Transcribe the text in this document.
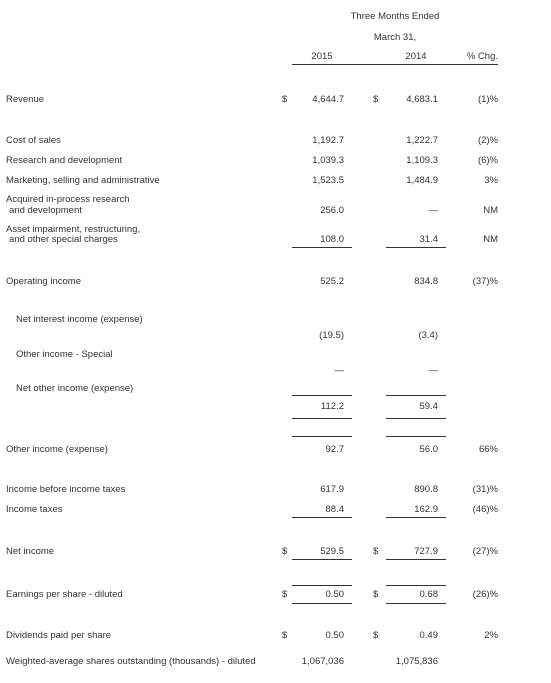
Three Months Ended
March 31,
2015	2014	% Chg.
Revenue	$	4,644.7	$	4,683.1	(1)%
Cost of sales	1,192.7	1,222.7	(2)%
Research and development	1,039.3	1,109.3	(6)%
Marketing, selling and administrative	1,523.5	1,484.9	3%
Acquired in-process research
and development	256.0	—	NM
Asset impairment, restructuring,
and other special charges	108.0	31.4	NM
Operating income	525.2	834.8	(37)%
Net interest income (expense)
(19.5)	(3.4)
Other income - Special
—	—
Net other income (expense)
112.2	59.4
Other income (expense)	92.7	56.0	66%
Income before income taxes	617.9	890.8	(31)%
Income taxes	88.4	162.9	(46)%
Net income	$	529.5	$	727.9	(27)%
Earnings per share - diluted	$	0.50	$	0.68	(26)%
Dividends paid per share	$	0.50	$	0.49	2%
Weighted-average shares outstanding (thousands) - diluted	1,067,036	1,075,836
